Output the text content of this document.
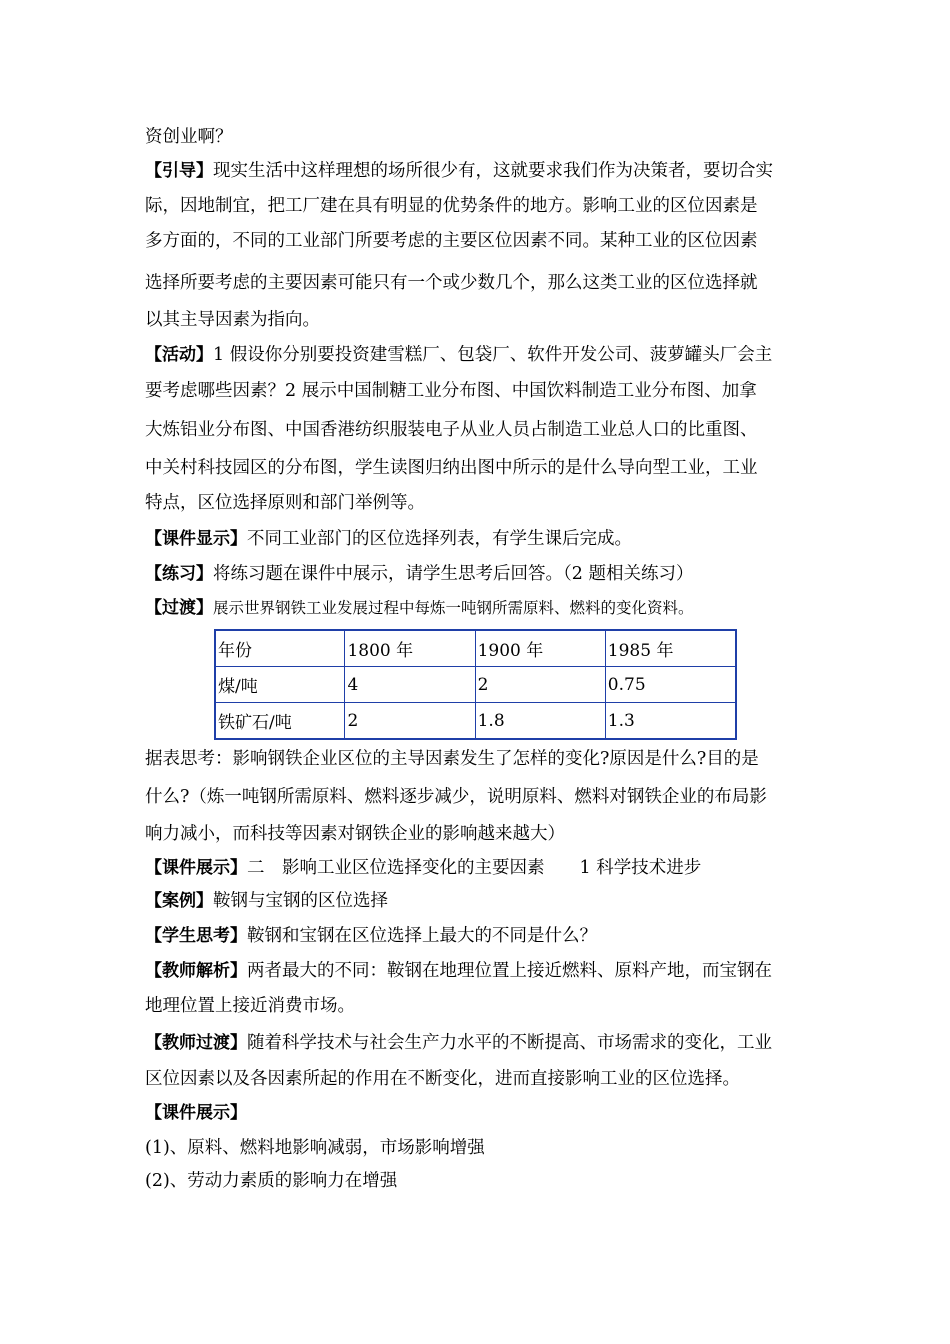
资创业啊？
【引导】现实生活中这样理想的场所很少有，这就要求我们作为决策者，要切合实
际，因地制宜，把工厂建在具有明显的优势条件的地方。影响工业的区位因素是
多方面的，不同的工业部门所要考虑的主要区位因素不同。某种工业的区位因素
选择所要考虑的主要因素可能只有一个或少数几个，那么这类工业的区位选择就
以其主导因素为指向。
【活动】1 假设你分别要投资建雪糕厂、包袋厂、软件开发公司、菠萝罐头厂会主
要考虑哪些因素？2 展示中国制糖工业分布图、中国饮料制造工业分布图、加拿
大炼铝业分布图、中国香港纺织服装电子从业人员占制造工业总人口的比重图、
中关村科技园区的分布图，学生读图归纳出图中所示的是什么导向型工业，工业
特点，区位选择原则和部门举例等。
【课件显示】不同工业部门的区位选择列表，有学生课后完成。
【练习】将练习题在课件中展示，请学生思考后回答。（2 题相关练习）
【过渡】展示世界钢铁工业发展过程中每炼一吨钢所需原料、燃料的变化资料。
年份	1800 年	1900 年	1985 年
煤/吨	4	2	0.75
铁矿石/吨	2	1.8	1.3
据表思考：影响钢铁企业区位的主导因素发生了怎样的变化?原因是什么?目的是
什么?（炼一吨钢所需原料、燃料逐步减少，说明原料、燃料对钢铁企业的布局影
响力减小，而科技等因素对钢铁企业的影响越来越大）
【课件展示】二　影响工业区位选择变化的主要因素　　1 科学技术进步
【案例】鞍钢与宝钢的区位选择
【学生思考】鞍钢和宝钢在区位选择上最大的不同是什么？
【教师解析】两者最大的不同：鞍钢在地理位置上接近燃料、原料产地，而宝钢在
地理位置上接近消费市场。
【教师过渡】随着科学技术与社会生产力水平的不断提高、市场需求的变化，工业
区位因素以及各因素所起的作用在不断变化，进而直接影响工业的区位选择。
【课件展示】
(1)、原料、燃料地影响减弱，市场影响增强
(2)、劳动力素质的影响力在增强
